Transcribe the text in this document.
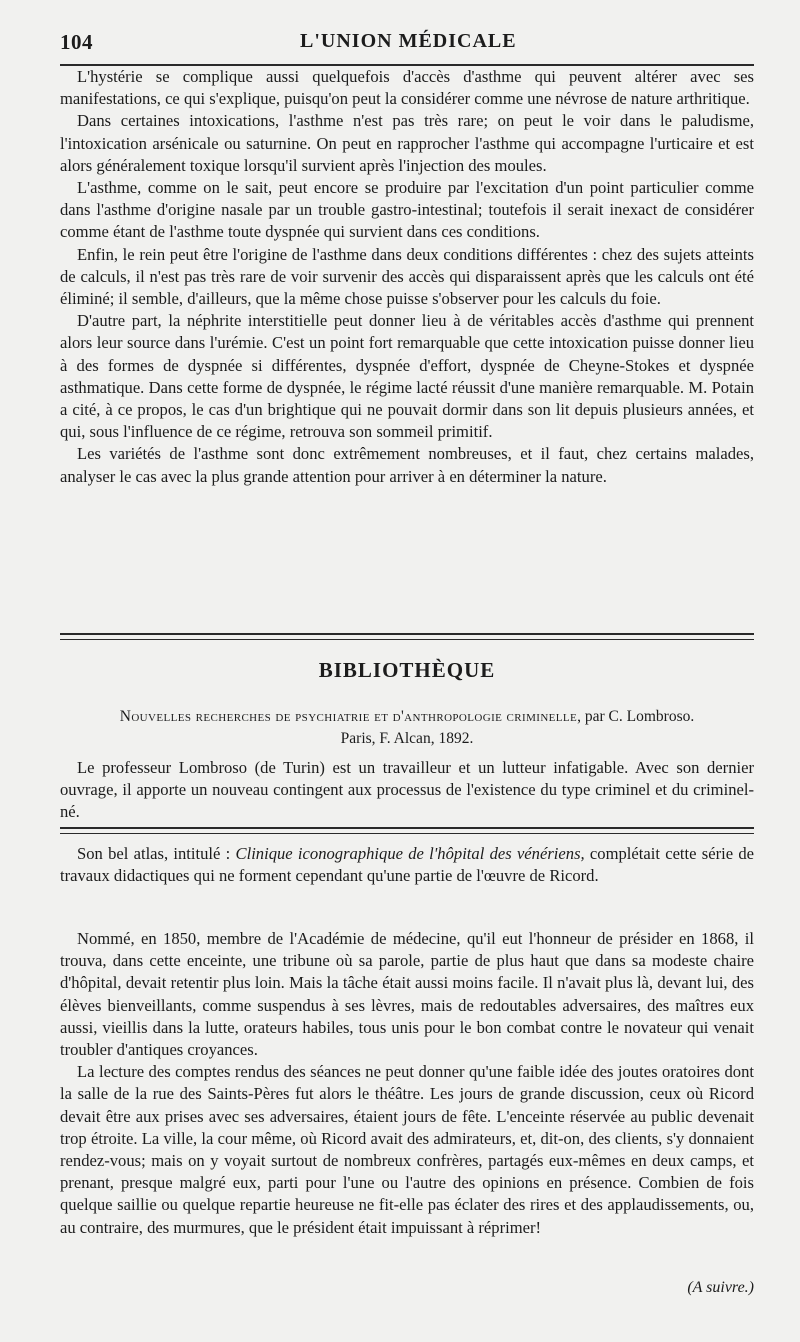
104	L'UNION MÉDICALE

L'hystérie se complique aussi quelquefois d'accès d'asthme qui peuvent altérer avec ses manifestations, ce qui s'explique, puisqu'on peut la considérer comme une névrose de nature arthritique.

Dans certaines intoxications, l'asthme n'est pas très rare; on peut le voir dans le paludisme, l'intoxication arsénicale ou saturnine. On peut en rapprocher l'asthme qui accompagne l'urticaire et est alors généralement toxique lorsqu'il survient après l'injection des moules.

L'asthme, comme on le sait, peut encore se produire par l'excitation d'un point particulier comme dans l'asthme d'origine nasale par un trouble gastro-intestinal; toutefois il serait inexact de considérer comme étant de l'asthme toute dyspnée qui survient dans ces conditions.

Enfin, le rein peut être l'origine de l'asthme dans deux conditions différentes : chez des sujets atteints de calculs, il n'est pas très rare de voir survenir des accès qui disparaissent après que les calculs ont été éliminé; il semble, d'ailleurs, que la même chose puisse s'observer pour les calculs du foie.

D'autre part, la néphrite interstitielle peut donner lieu à de véritables accès d'asthme qui prennent alors leur source dans l'urémie. C'est un point fort remarquable que cette intoxication puisse donner lieu à des formes de dyspnée si différentes, dyspnée d'effort, dyspnée de Cheyne-Stokes et dyspnée asthmatique. Dans cette forme de dyspnée, le régime lacté réussit d'une manière remarquable. M. Potain a cité, à ce propos, le cas d'un brightique qui ne pouvait dormir dans son lit depuis plusieurs années, et qui, sous l'influence de ce régime, retrouva son sommeil primitif.

Les variétés de l'asthme sont donc extrêmement nombreuses, et il faut, chez certains malades, analyser le cas avec la plus grande attention pour arriver à en déterminer la nature.

BIBLIOTHÈQUE
Nouvelles recherches de psychiatrie et d'anthropologie criminelle, par C. Lombroso.
Paris, F. Alcan, 1892.

Le professeur Lombroso (de Turin) est un travailleur et un lutteur infatigable. Avec son dernier ouvrage, il apporte un nouveau contingent aux processus de l'existence du type criminel et du criminel-né.

Son bel atlas, intitulé : Clinique iconographique de l'hôpital des vénériens, complétait cette série de travaux didactiques qui ne forment cependant qu'une partie de l'œuvre de Ricord.

Nommé, en 1850, membre de l'Académie de médecine, qu'il eut l'honneur de présider en 1868, il trouva, dans cette enceinte, une tribune où sa parole, partie de plus haut que dans sa modeste chaire d'hôpital, devait retentir plus loin. Mais la tâche était aussi moins facile. Il n'avait plus là, devant lui, des élèves bienveillants, comme suspendus à ses lèvres, mais de redoutables adversaires, des maîtres eux aussi, vieillis dans la lutte, orateurs habiles, tous unis pour le bon combat contre le novateur qui venait troubler d'antiques croyances.

La lecture des comptes rendus des séances ne peut donner qu'une faible idée des joutes oratoires dont la salle de la rue des Saints-Pères fut alors le théâtre. Les jours de grande discussion, ceux où Ricord devait être aux prises avec ses adversaires, étaient jours de fête. L'enceinte réservée au public devenait trop étroite. La ville, la cour même, où Ricord avait des admirateurs, et, dit-on, des clients, s'y donnaient rendez-vous; mais on y voyait surtout de nombreux confrères, partagés eux-mêmes en deux camps, et prenant, presque malgré eux, parti pour l'une ou l'autre des opinions en présence. Combien de fois quelque saillie ou quelque repartie heureuse ne fit-elle pas éclater des rires et des applaudissements, ou, au contraire, des murmures, que le président était impuissant à réprimer!

(A suivre.)
